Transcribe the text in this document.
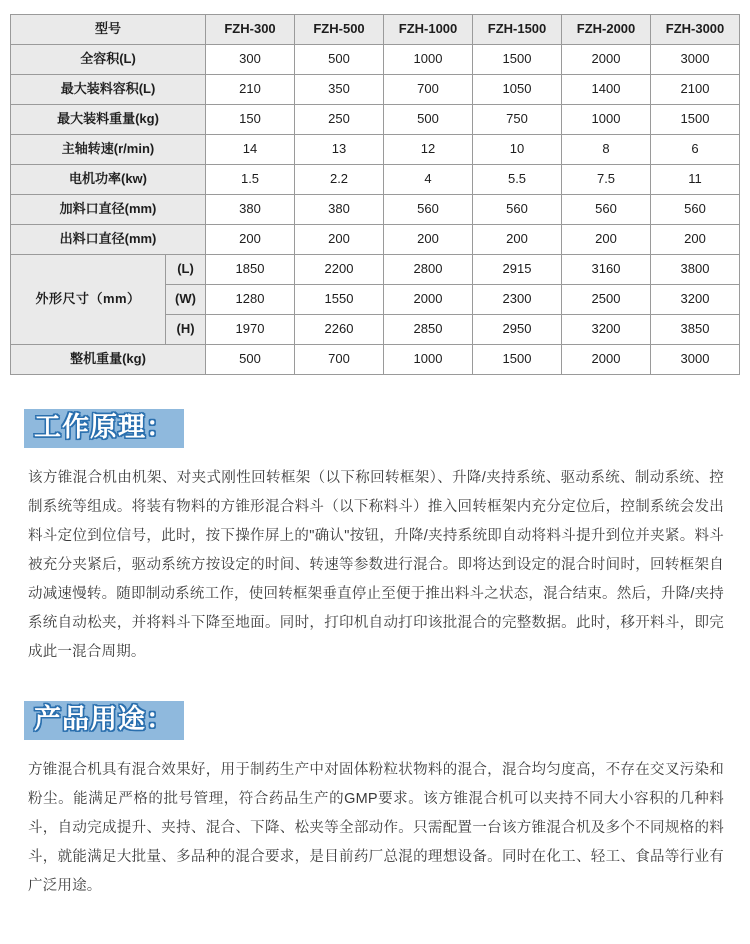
型号		FZH-300	FZH-500	FZH-1000	FZH-1500	FZH-2000	FZH-3000
全容积(L)		300	500	1000	1500	2000	3000
最大装料容积(L)		210	350	700	1050	1400	2100
最大装料重量(kg)		150	250	500	750	1000	1500
主轴转速(r/min)		14	13	12	10	8	6
电机功率(kw)		1.5	2.2	4	5.5	7.5	11
加料口直径(mm)		380	380	560	560	560	560
出料口直径(mm)		200	200	200	200	200	200
外形尺寸（mm）	(L)	1850	2200	2800	2915	3160	3800
	(W)	1280	1550	2000	2300	2500	3200
	(H)	1970	2260	2850	2950	3200	3850
整机重量(kg)		500	700	1000	1500	2000	3000
工作原理：

该方锥混合机由机架、对夹式刚性回转框架（以下称回转框架）、升降/夹持系统、驱动系统、制动系统、控制系统等组成。将装有物料的方锥形混合料斗（以下称料斗）推入回转框架内充分定位后，控制系统会发出料斗定位到位信号，此时，按下操作屏上的"确认"按钮，升降/夹持系统即自动将料斗提升到位并夹紧。料斗被充分夹紧后，驱动系统方按设定的时间、转速等参数进行混合。即将达到设定的混合时间时，回转框架自动减速慢转。随即制动系统工作，使回转框架垂直停止至便于推出料斗之状态，混合结束。然后，升降/夹持系统自动松夹，并将料斗下降至地面。同时，打印机自动打印该批混合的完整数据。此时，移开料斗，即完成此一混合周期。

产品用途：

方锥混合机具有混合效果好，用于制药生产中对固体粉粒状物料的混合，混合均匀度高，不存在交叉污染和粉尘。能满足严格的批号管理，符合药品生产的GMP要求。该方锥混合机可以夹持不同大小容积的几种料斗，自动完成提升、夹持、混合、下降、松夹等全部动作。只需配置一台该方锥混合机及多个不同规格的料斗，就能满足大批量、多品种的混合要求，是目前药厂总混的理想设备。同时在化工、轻工、食品等行业有广泛用途。
